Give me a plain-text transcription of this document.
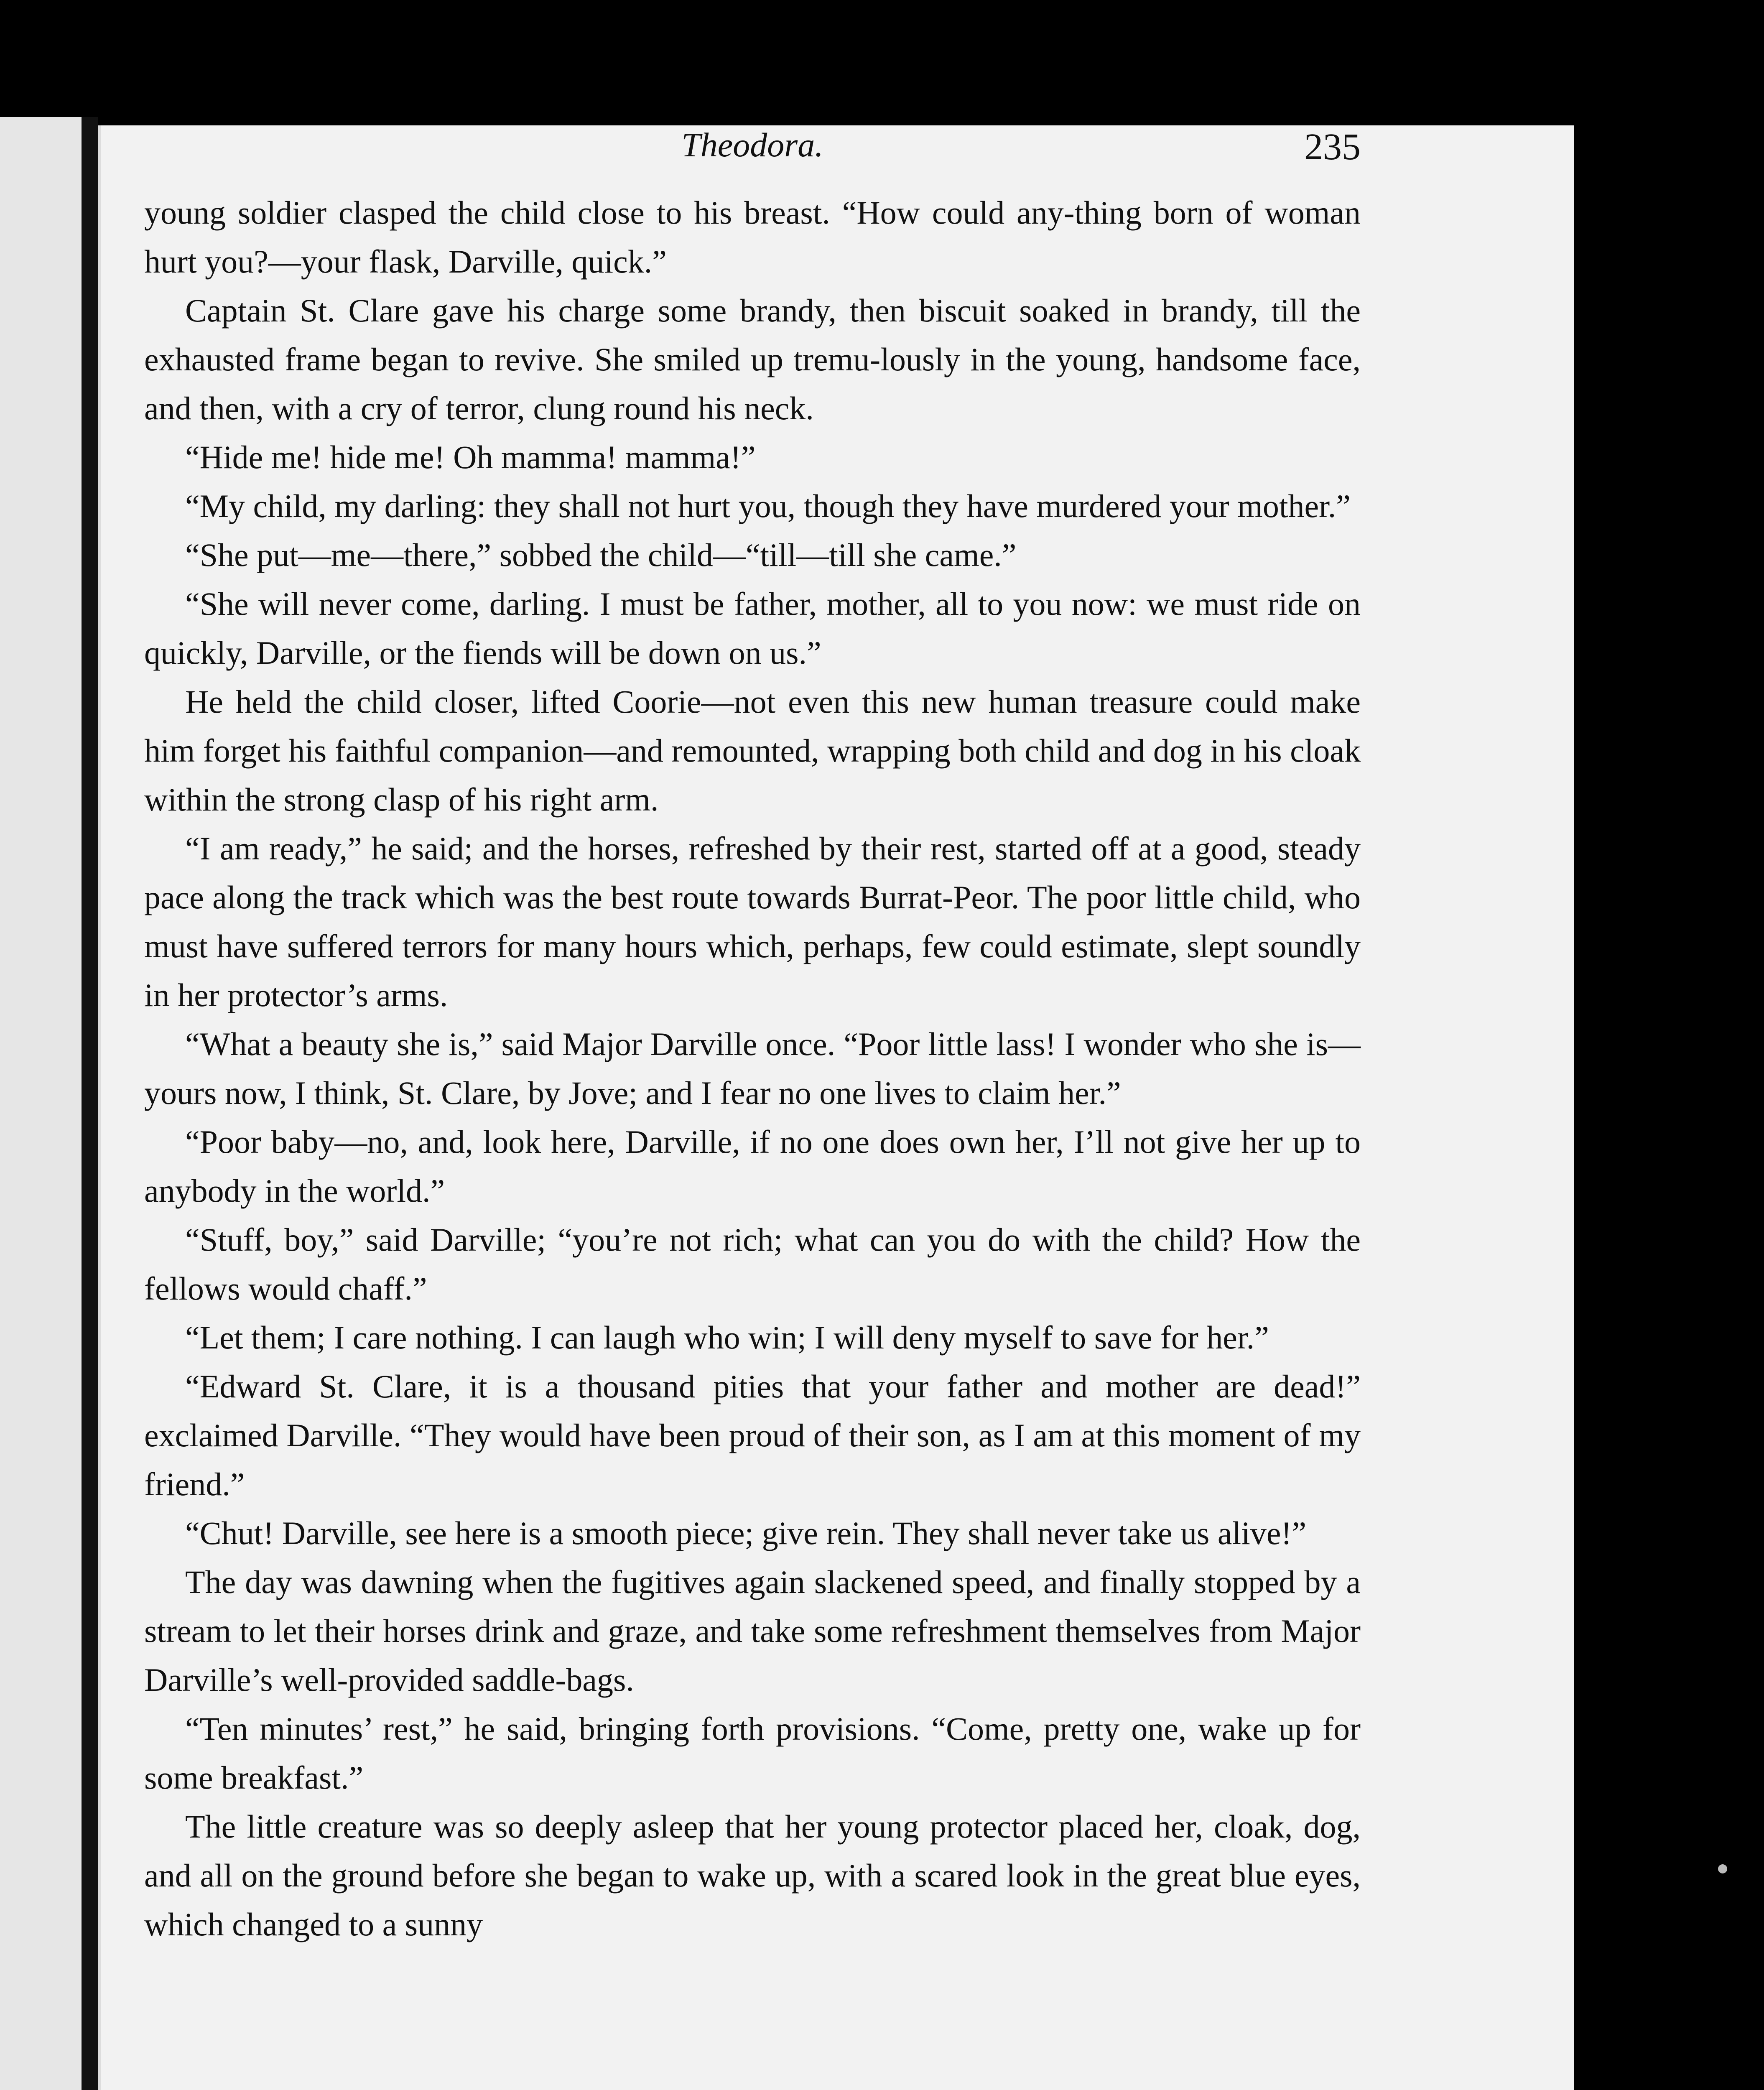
Theodora.	235

young soldier clasped the child close to his breast. “How could any-thing born of woman hurt you?—your flask, Darville, quick.”

Captain St. Clare gave his charge some brandy, then biscuit soaked in brandy, till the exhausted frame began to revive. She smiled up tremu-lously in the young, handsome face, and then, with a cry of terror, clung round his neck.

“Hide me! hide me! Oh mamma! mamma!”

“My child, my darling: they shall not hurt you, though they have murdered your mother.”

“She put—me—there,” sobbed the child—“till—till she came.”

“She will never come, darling. I must be father, mother, all to you now: we must ride on quickly, Darville, or the fiends will be down on us.”

He held the child closer, lifted Coorie—not even this new human treasure could make him forget his faithful companion—and remounted, wrapping both child and dog in his cloak within the strong clasp of his right arm.

“I am ready,” he said; and the horses, refreshed by their rest, started off at a good, steady pace along the track which was the best route towards Burrat-Peor. The poor little child, who must have suffered terrors for many hours which, perhaps, few could estimate, slept soundly in her protector’s arms.

“What a beauty she is,” said Major Darville once. “Poor little lass! I wonder who she is—yours now, I think, St. Clare, by Jove; and I fear no one lives to claim her.”

“Poor baby—no, and, look here, Darville, if no one does own her, I’ll not give her up to anybody in the world.”

“Stuff, boy,” said Darville; “you’re not rich; what can you do with the child? How the fellows would chaff.”

“Let them; I care nothing. I can laugh who win; I will deny myself to save for her.”

“Edward St. Clare, it is a thousand pities that your father and mother are dead!” exclaimed Darville. “They would have been proud of their son, as I am at this moment of my friend.”

“Chut! Darville, see here is a smooth piece; give rein. They shall never take us alive!”

The day was dawning when the fugitives again slackened speed, and finally stopped by a stream to let their horses drink and graze, and take some refreshment themselves from Major Darville’s well-provided saddle-bags.

“Ten minutes’ rest,” he said, bringing forth provisions. “Come, pretty one, wake up for some breakfast.”

The little creature was so deeply asleep that her young protector placed her, cloak, dog, and all on the ground before she began to wake up, with a scared look in the great blue eyes, which changed to a sunny
